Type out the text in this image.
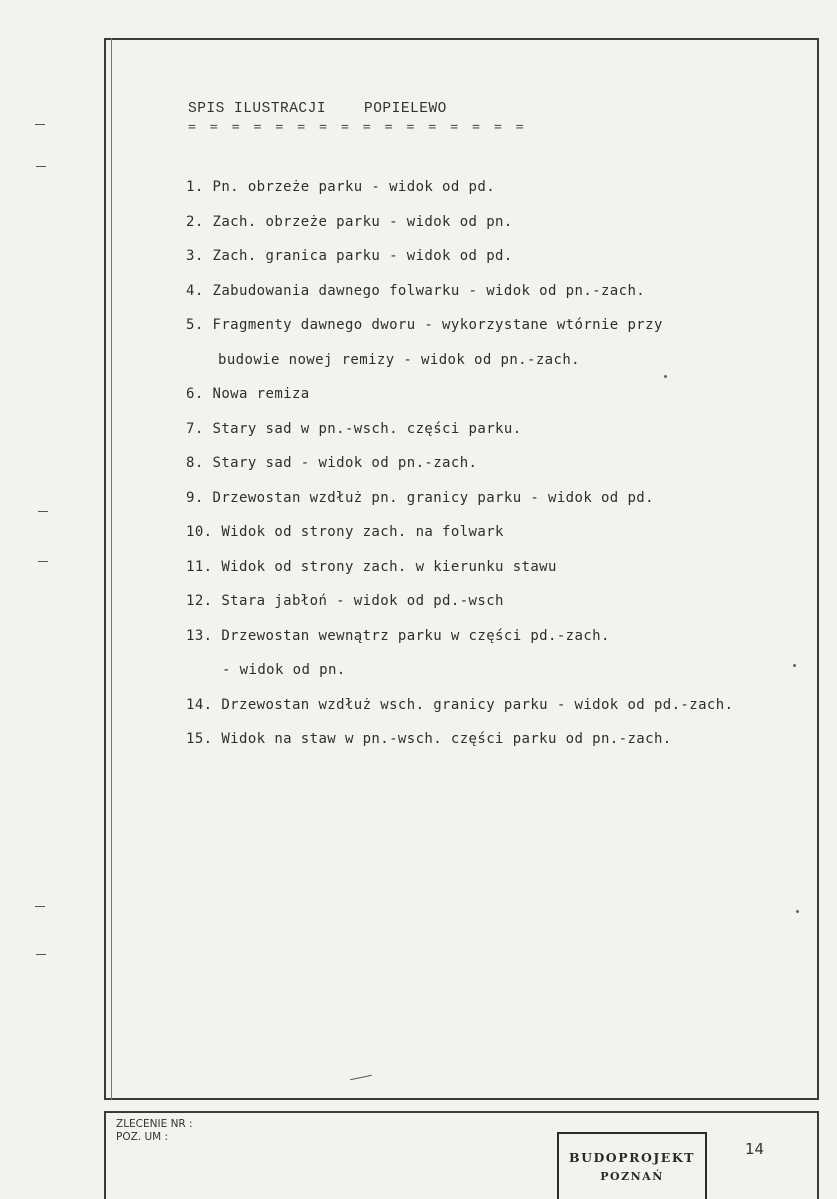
SPIS ILUSTRACJI	POPIELEWO
= = = = = = = = = = = = = = = =
1. Pn. obrzeże parku - widok od pd.
2. Zach. obrzeże parku - widok od pn.
3. Zach. granica parku - widok od pd.
4. Zabudowania dawnego folwarku - widok od pn.-zach.
5. Fragmenty dawnego dworu - wykorzystane wtórnie przy
budowie nowej remizy - widok od pn.-zach.
6. Nowa remiza
7. Stary sad w pn.-wsch. części parku.
8. Stary sad - widok od pn.-zach.
9. Drzewostan wzdłuż pn. granicy parku - widok od pd.
10. Widok od strony zach. na folwark
11. Widok od strony zach. w kierunku stawu
12. Stara jabłoń - widok od pd.-wsch
13. Drzewostan wewnątrz parku w części pd.-zach.
- widok od pn.
14. Drzewostan wzdłuż wsch. granicy parku - widok od pd.-zach.
15. Widok na staw w pn.-wsch. części parku od pn.-zach.
ZLECENIE NR :
POZ. UM :
BUDOPROJEKT
POZNAŃ
14
